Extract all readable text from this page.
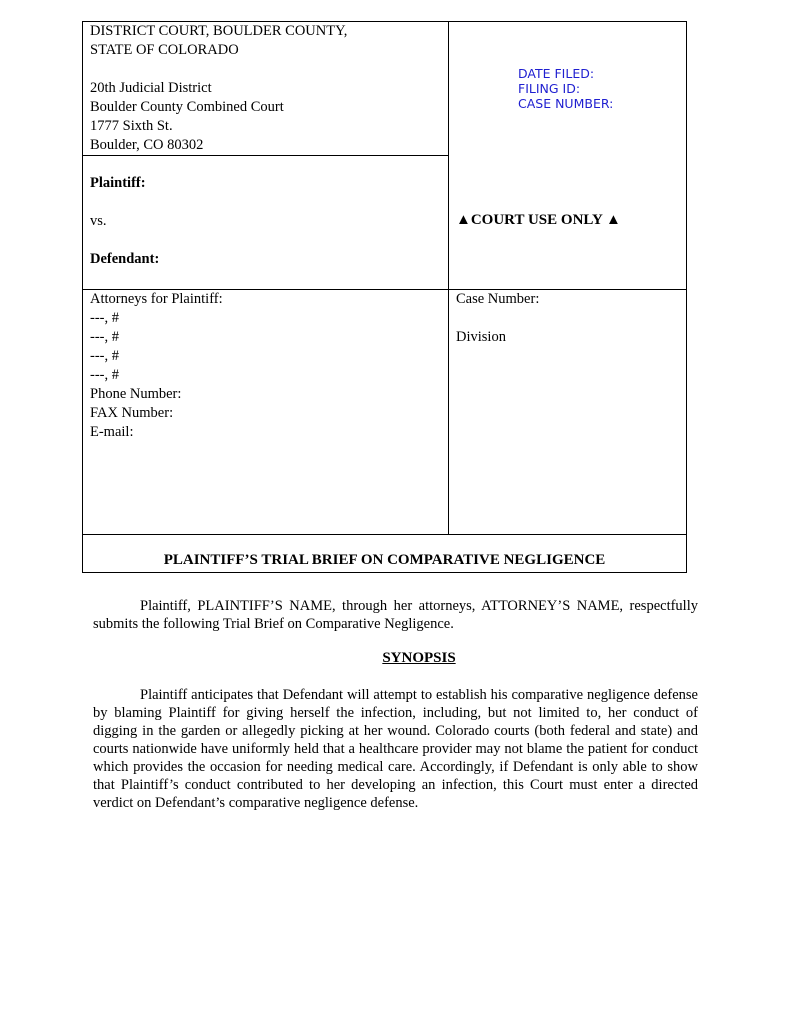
DISTRICT COURT, BOULDER COUNTY,
STATE OF COLORADO

20th Judicial District
Boulder County Combined Court
1777 Sixth St.
Boulder, CO 80302
Plaintiff:

vs.

Defendant:
DATE FILED:
FILING ID:
CASE NUMBER:
▲COURT USE ONLY ▲
Attorneys for Plaintiff:
---, #
---, #
---, #
---, #
Phone Number:
FAX Number:
E-mail:
Case Number:

Division
PLAINTIFF’S TRIAL BRIEF ON COMPARATIVE NEGLIGENCE
Plaintiff, PLAINTIFF’S NAME, through her attorneys, ATTORNEY’S NAME, respectfully submits the following Trial Brief on Comparative Negligence.
SYNOPSIS
Plaintiff anticipates that Defendant will attempt to establish his comparative negligence defense by blaming Plaintiff for giving herself the infection, including, but not limited to, her conduct of digging in the garden or allegedly picking at her wound. Colorado courts (both federal and state) and courts nationwide have uniformly held that a healthcare provider may not blame the patient for conduct which provides the occasion for needing medical care. Accordingly, if Defendant is only able to show that Plaintiff’s conduct contributed to her developing an infection, this Court must enter a directed verdict on Defendant’s comparative negligence defense.
